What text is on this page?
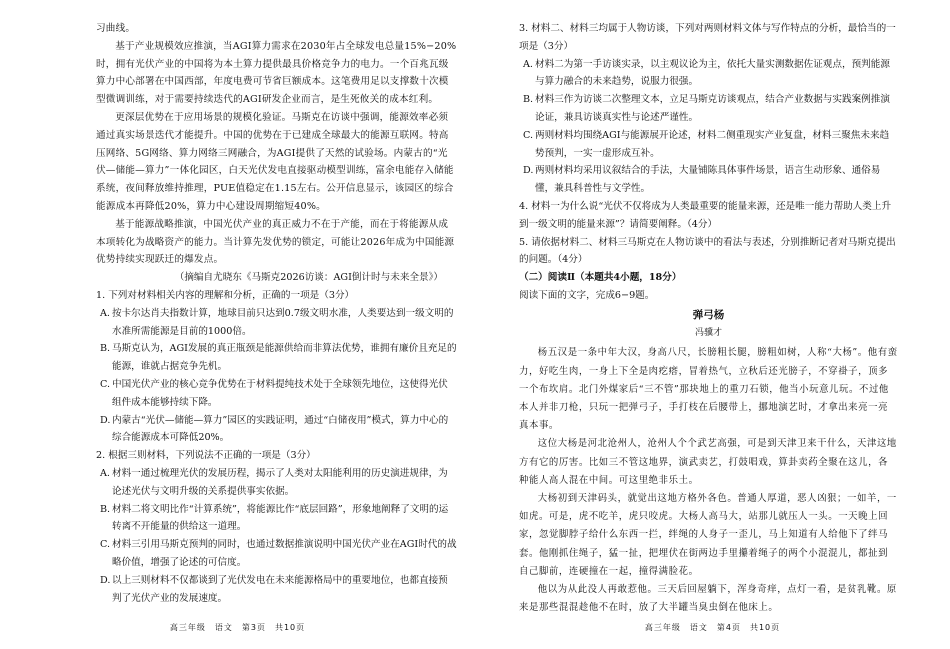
习曲线。

基于产业规模效应推演，当AGI算力需求在2030年占全球发电总量15%−20%时，拥有光伏产业的中国将为本土算力提供最具价格竞争力的电力。一个百兆瓦级算力中心部署在中国西部，年度电费可节省巨额成本。这笔费用足以支撑数十次模型微调训练，对于需要持续迭代的AGI研发企业而言，是生死攸关的成本红利。

更深层优势在于应用场景的规模化验证。马斯克在访谈中强调，能源效率必须通过真实场景迭代才能提升。中国的优势在于已建成全球最大的能源互联网。特高压网络、5G网络、算力网络三网融合，为AGI提供了天然的试验场。内蒙古的“光伏—储能—算力”一体化园区，白天光伏发电直接驱动模型训练，富余电能存入储能系统，夜间释放维持推理，PUE值稳定在1.15左右。公开信息显示，该园区的综合能源成本再降低20%，算力中心建设周期缩短40%。

基于能源战略推演，中国光伏产业的真正威力不在于产能，而在于将能源从成本项转化为战略资产的能力。当计算先发优势的锁定，可能让2026年成为中国能源优势持续实现跃迁的爆发点。

（摘编自尤晓东《马斯克2026访谈：AGI倒计时与未来全景》）

1. 下列对材料相关内容的理解和分析，正确的一项是（3分）

A. 按卡尔达肖夫指数计算，地球目前只达到0.7级文明水准，人类要达到一级文明的水准所需能源是目前的1000倍。

B. 马斯克认为，AGI发展的真正瓶颈是能源供给而非算法优势，谁拥有廉价且充足的能源，谁就占据竞争先机。

C. 中国光伏产业的核心竞争优势在于材料提纯技术处于全球领先地位，这使得光伏组件成本能够持续下降。

D. 内蒙古“光伏—储能—算力”园区的实践证明，通过“白储夜用”模式，算力中心的综合能源成本可降低20%。

2. 根据三则材料，下列说法不正确的一项是（3分）

A. 材料一通过梳理光伏的发展历程，揭示了人类对太阳能利用的历史演进规律，为论述光伏与文明升级的关系提供事实依据。

B. 材料二将文明比作“计算系统”，将能源比作“底层回路”，形象地阐释了文明的运转离不开能量的供给这一道理。

C. 材料三引用马斯克预判的同时，也通过数据推演说明中国光伏产业在AGI时代的战略价值，增强了论述的可信度。

D. 以上三则材料不仅都谈到了光伏发电在未来能源格局中的重要地位，也都直接预判了光伏产业的发展速度。

高三年级　语文　第3页　共10页

3. 材料二、材料三均属于人物访谈，下列对两则材料文体与写作特点的分析，最恰当的一项是（3分）

A. 材料二为第一手访谈实录，以主观议论为主，依托大量实测数据佐证观点，预判能源与算力融合的未来趋势，说服力很强。

B. 材料三作为访谈二次整理文本，立足马斯克访谈观点，结合产业数据与实践案例推演论证，兼具访谈真实性与论述严谨性。

C. 两则材料均围绕AGI与能源展开论述，材料二侧重现实产业复盘，材料三聚焦未来趋势预判，一实一虚形成互补。

D. 两则材料均采用议叙结合的手法，大量铺陈具体事件场景，语言生动形象、通俗易懂，兼具科普性与文学性。

4. 材料一为什么说“光伏不仅将成为人类最重要的能量来源，还是唯一能力帮助人类上升到一级文明的能量来源”？请简要阐释。（4分）

5. 请依据材料二、材料三马斯克在人物访谈中的看法与表述，分别推断记者对马斯克提出的问题。（4分）

（二）阅读Ⅱ（本题共4小题，18分）

阅读下面的文字，完成6−9题。

弹弓杨

冯骥才

杨五汉是一条中年大汉，身高八尺，长膀粗长腿，膀粗如树，人称“大杨”。他有蛮力，好吃生肉，一身上下全是肉疙瘩，冒着热气，立秋后还光膀子，不穿褂子，顶多一个布坎肩。北门外煤家后“三不管”那块地上的重刀石锁，他当小玩意儿玩。不过他本人并非刀枪，只玩一把弹弓子，手打枝在后腰带上，挪地演艺时，才拿出来亮一亮真本事。

这位大杨是河北沧州人，沧州人个个武艺高强，可是到天津卫来干什么，天津这地方有它的厉害。比如三不管这地界，演武卖艺，打鼓唱戏，算卦卖药全聚在这儿，各种能人高人混在中间。可这里绝非乐土。

大杨初到天津码头，就觉出这地方格外各色。普通人厚道，恶人凶狠；一如羊，一如虎。可是，虎不吃羊，虎只咬虎。大杨人高马大，站那儿就压人一头。一天晚上回家，忽觉脚脖子给什么东西一拦，绊绳的人身子一歪儿，马上知道有人给他下了绊马套。他刚抓住绳子，猛一扯，把埋伏在街两边手里攥着绳子的两个小混混儿，都扯到自己脚前，连硬撞在一起，撞得满脸花。

他以为从此没人再敢惹他。三天后回屋躺下，浑身奇痒，点灯一看，是贫乳靴。原来是那些混混趁他不在时，放了大半罐当臭虫倒在他床上。

高三年级　语文　第4页　共10页
